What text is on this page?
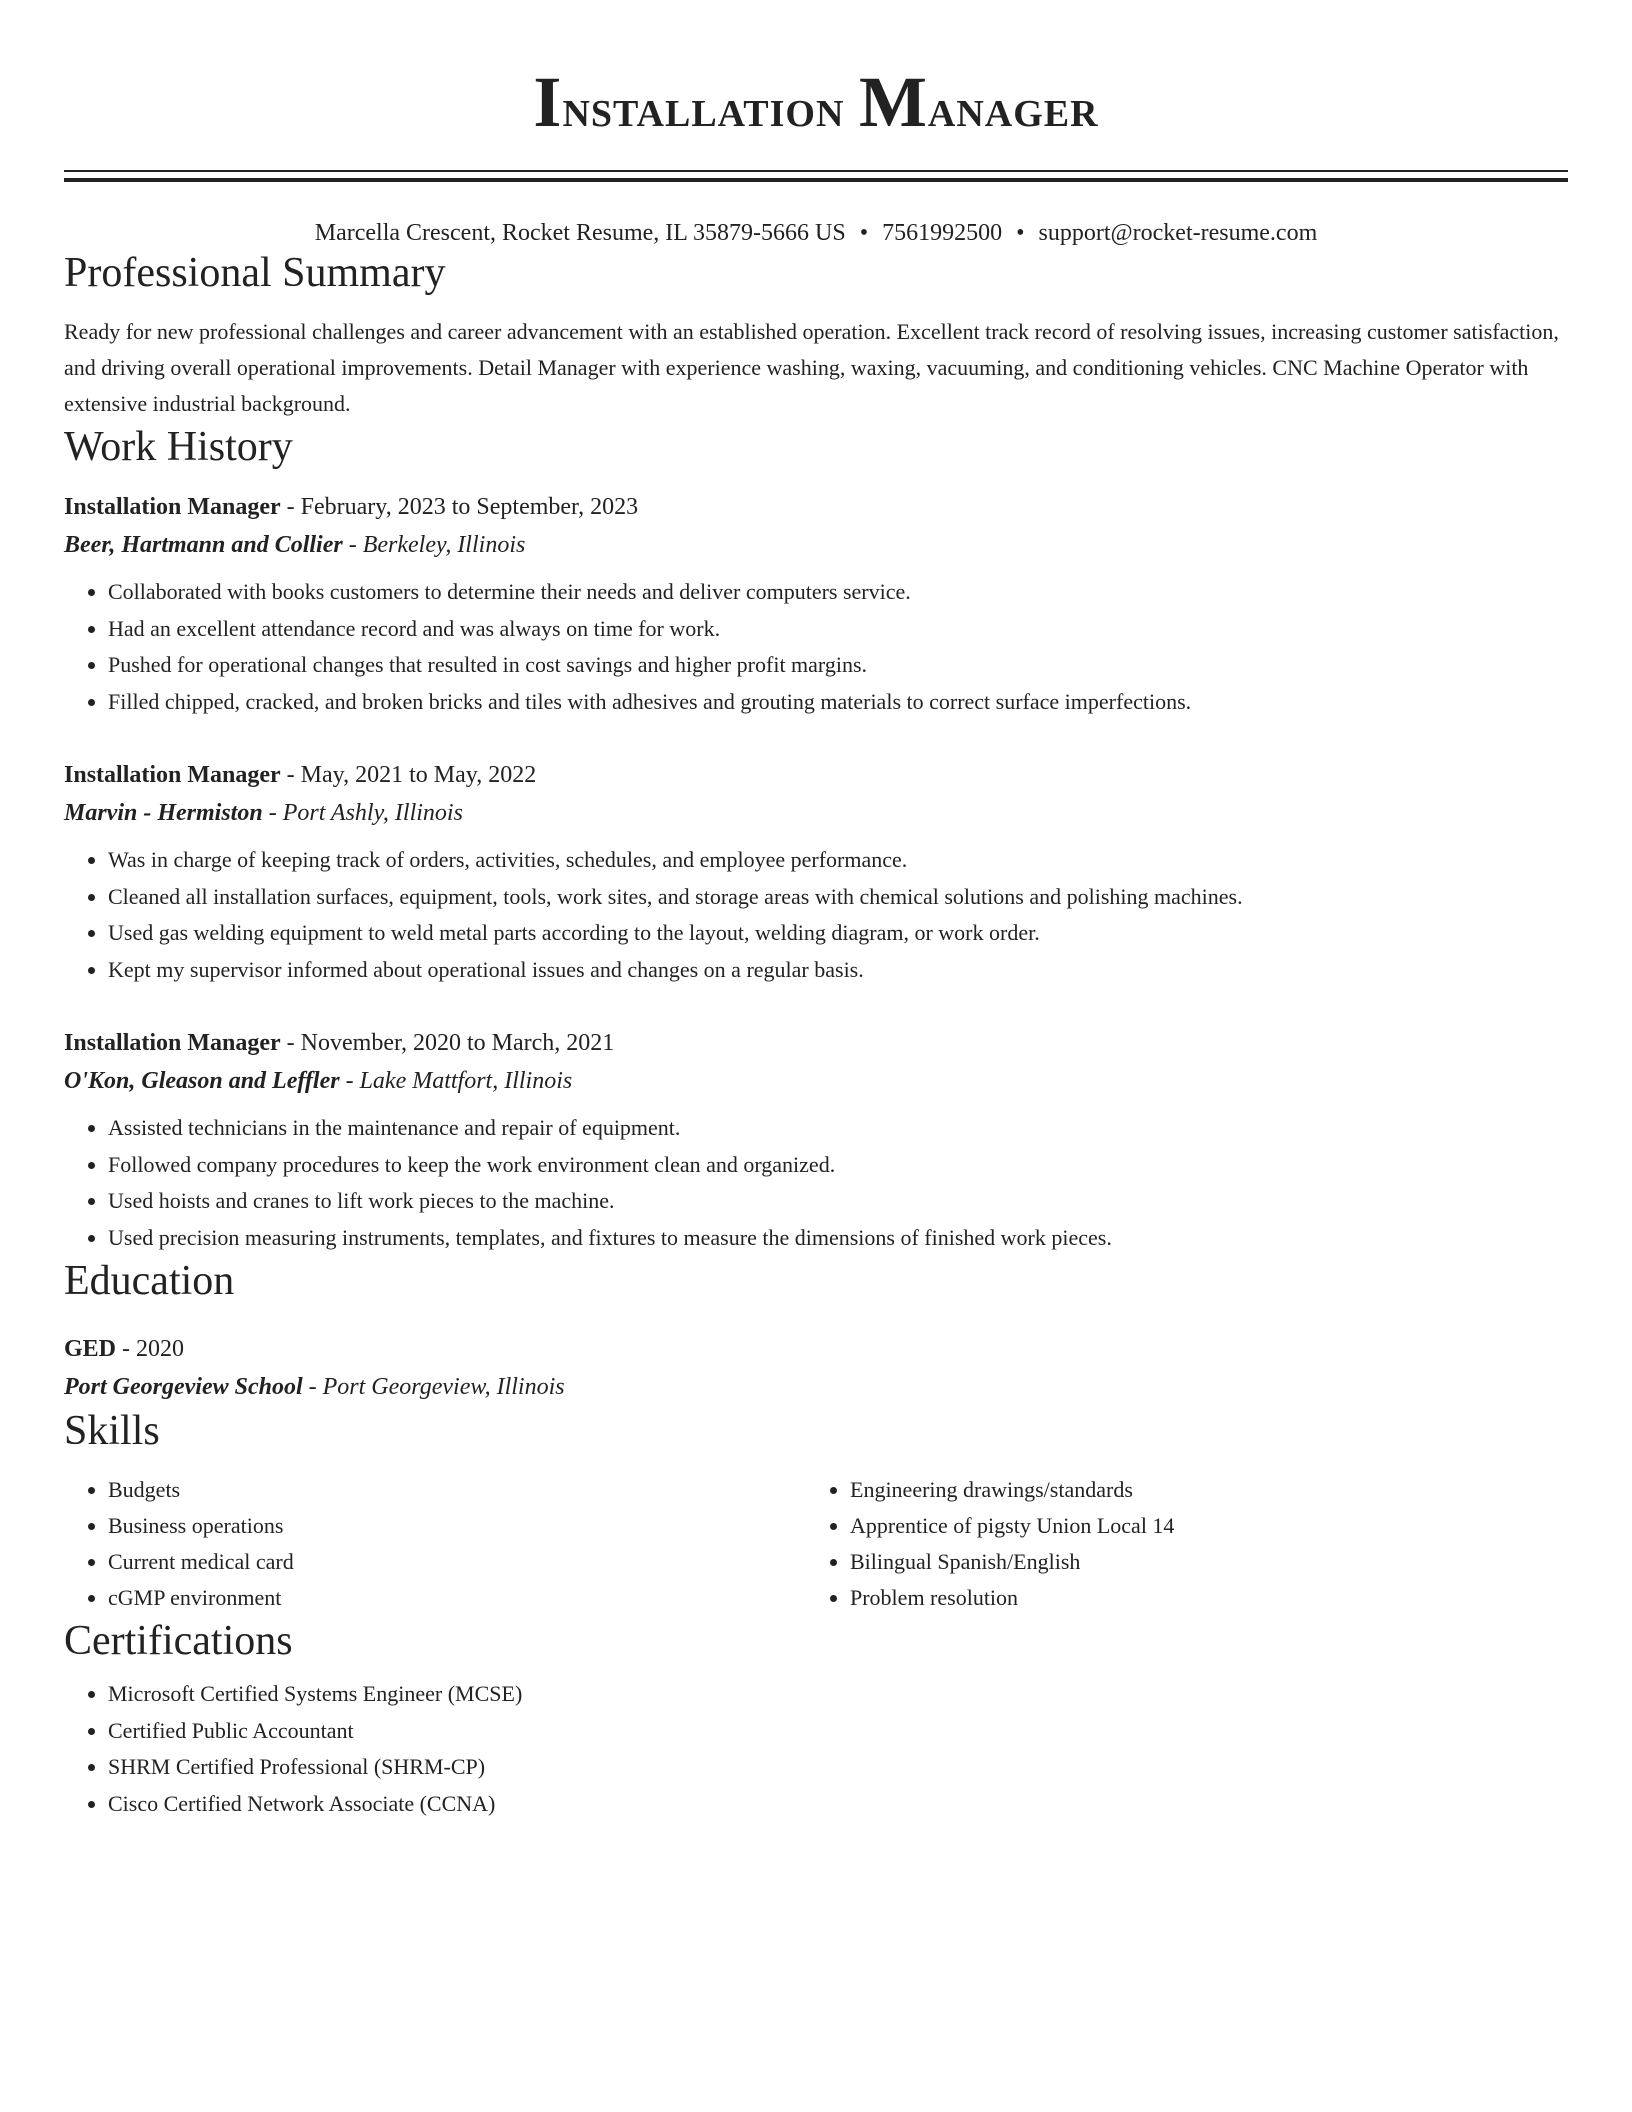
Installation Manager
Marcella Crescent, Rocket Resume, IL 35879-5666 US • 7561992500 • support@rocket-resume.com
Professional Summary
Ready for new professional challenges and career advancement with an established operation. Excellent track record of resolving issues, increasing customer satisfaction, and driving overall operational improvements. Detail Manager with experience washing, waxing, vacuuming, and conditioning vehicles. CNC Machine Operator with extensive industrial background.
Work History
Installation Manager - February, 2023 to September, 2023
Beer, Hartmann and Collier - Berkeley, Illinois
• Collaborated with books customers to determine their needs and deliver computers service.
• Had an excellent attendance record and was always on time for work.
• Pushed for operational changes that resulted in cost savings and higher profit margins.
• Filled chipped, cracked, and broken bricks and tiles with adhesives and grouting materials to correct surface imperfections.
Installation Manager - May, 2021 to May, 2022
Marvin - Hermiston - Port Ashly, Illinois
• Was in charge of keeping track of orders, activities, schedules, and employee performance.
• Cleaned all installation surfaces, equipment, tools, work sites, and storage areas with chemical solutions and polishing machines.
• Used gas welding equipment to weld metal parts according to the layout, welding diagram, or work order.
• Kept my supervisor informed about operational issues and changes on a regular basis.
Installation Manager - November, 2020 to March, 2021
O'Kon, Gleason and Leffler - Lake Mattfort, Illinois
• Assisted technicians in the maintenance and repair of equipment.
• Followed company procedures to keep the work environment clean and organized.
• Used hoists and cranes to lift work pieces to the machine.
• Used precision measuring instruments, templates, and fixtures to measure the dimensions of finished work pieces.
Education
GED - 2020
Port Georgeview School - Port Georgeview, Illinois
Skills
• Budgets
• Business operations
• Current medical card
• cGMP environment
• Engineering drawings/standards
• Apprentice of pigsty Union Local 14
• Bilingual Spanish/English
• Problem resolution
Certifications
• Microsoft Certified Systems Engineer (MCSE)
• Certified Public Accountant
• SHRM Certified Professional (SHRM-CP)
• Cisco Certified Network Associate (CCNA)
